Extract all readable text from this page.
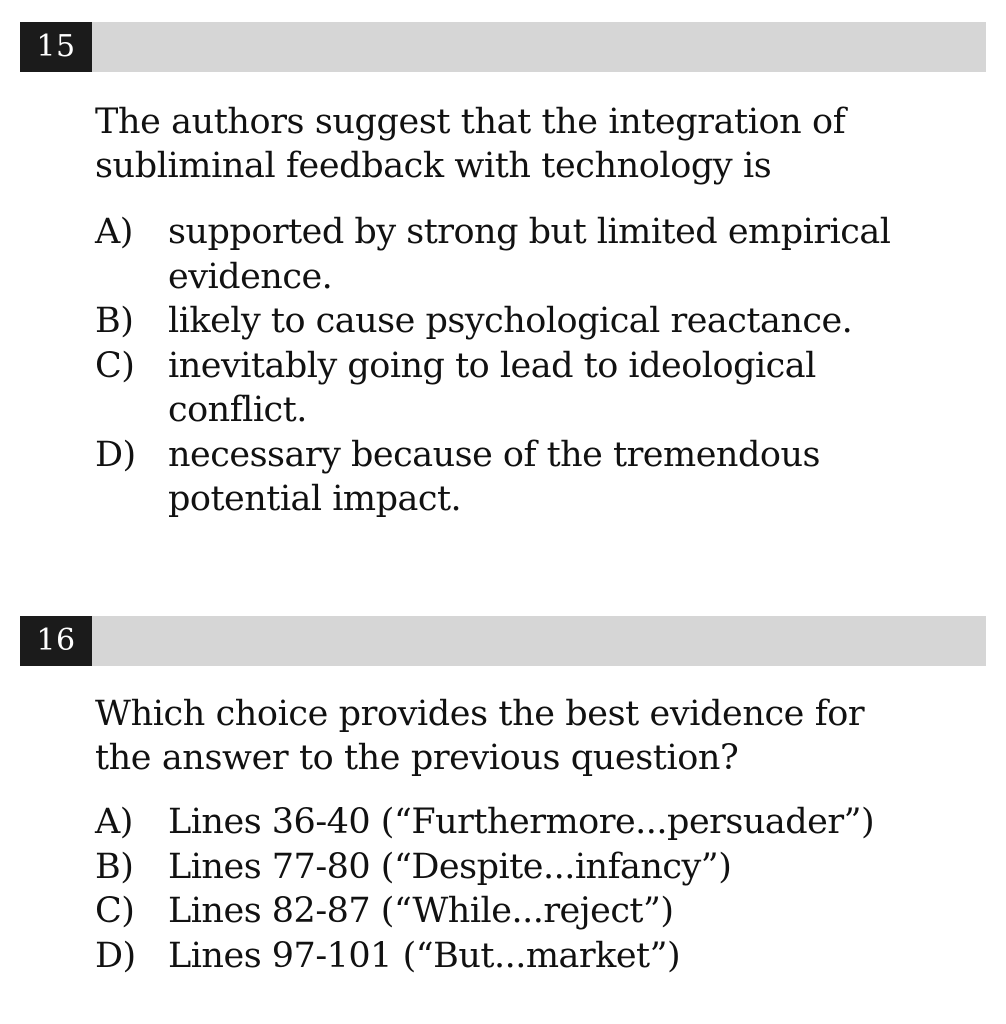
15
The authors suggest that the integration of subliminal feedback with technology is
A)	supported by strong but limited empirical evidence.
B) likely to cause psychological reactance.
C) inevitably going to lead to ideological conflict.
D) necessary because of the tremendous potential impact.
16
Which choice provides the best evidence for the answer to the previous question?
A)	Lines 36-40 (“Furthermore...persuader”)
B) Lines 77-80 (“Despite...infancy”)
C) Lines 82-87 (“While...reject”)
D) Lines 97-101 (“But...market”)
